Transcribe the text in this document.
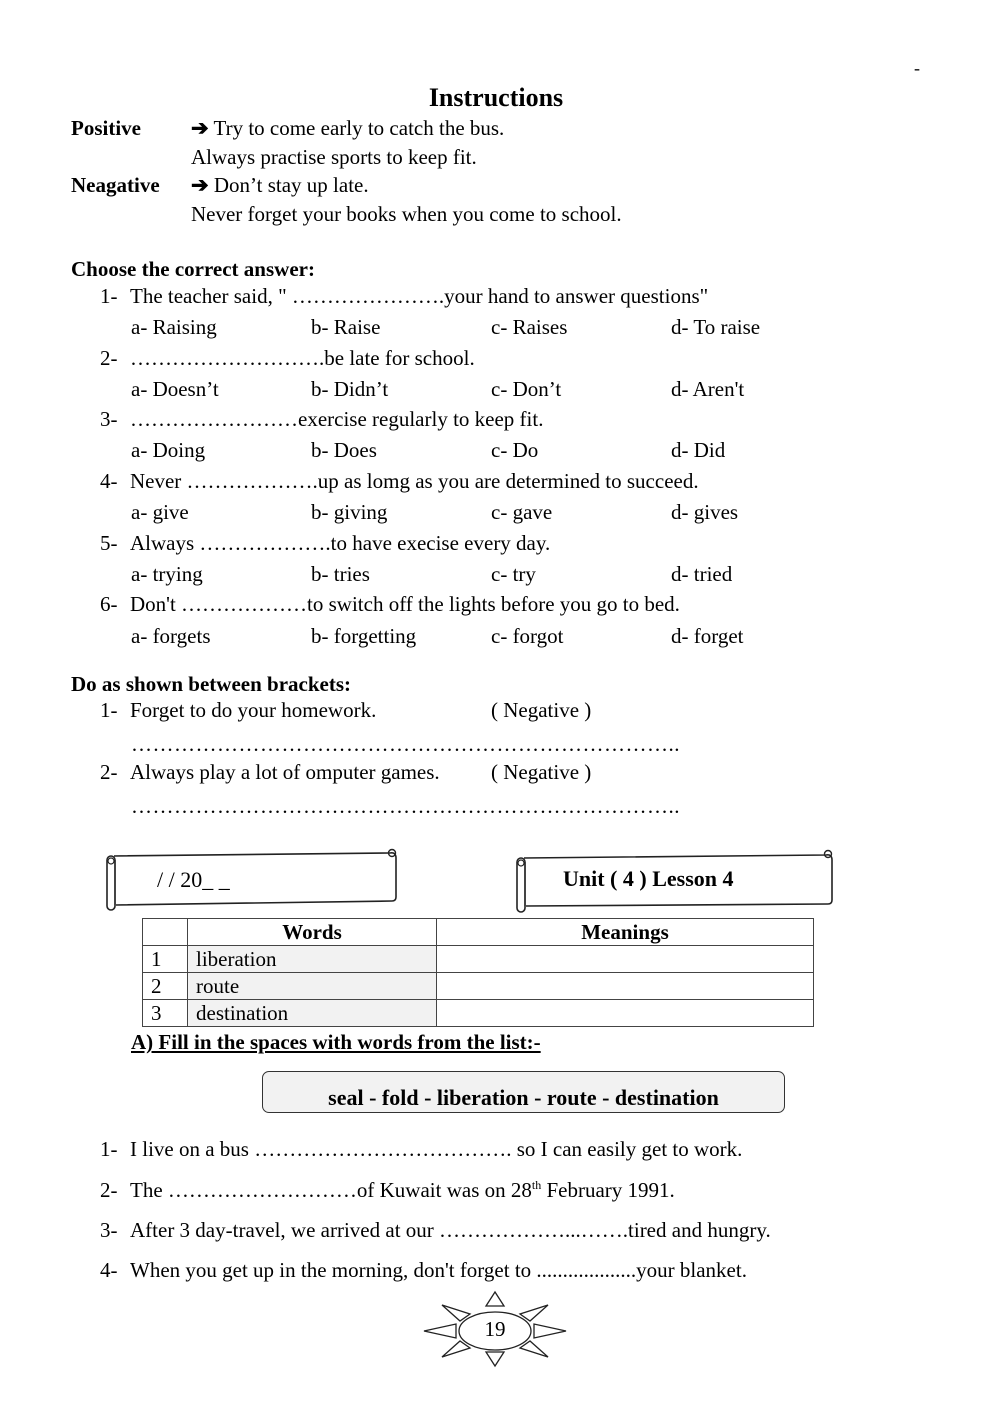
-
Instructions
Positive ➔ Try to come early to catch the bus.
Always practise sports to keep fit.
Neagative ➔ Don’t stay up late.
Never forget your books when you come to school.
Choose the correct answer:
1- The teacher said, " ………………….your hand to answer questions"
a- Raising	b- Raise	c- Raises	d- To raise
2- ……………………….be late for school.
a- Doesn’t	b- Didn’t	c- Don’t	d- Aren't
3- ……………………exercise regularly to keep fit.
a- Doing	b- Does	c- Do	d- Did
4- Never ……………….up as lomg as you are determined to succeed.
a- give	b- giving	c- gave	d- gives
5- Always ……………….to have execise every day.
a- trying	b- tries	c- try	d- tried
6- Don't ………………to switch off the lights before you go to bed.
a- forgets	b- forgetting	c- forgot	d- forget
Do as shown between brackets:
1- Forget to do your homework.	( Negative )
…………………………………………………………………..
2- Always play a lot of omputer games. ( Negative )
…………………………………………………………………..
/ / 20_ _	Unit ( 4 ) Lesson 4
	Words	Meanings
1	liberation	
2	route	
3	destination	
A) Fill in the spaces with words from the list:-
seal - fold - liberation - route - destination
1- I live on a bus ………………………………. so I can easily get to work.
2- The ………………………of Kuwait was on 28th February 1991.
3- After 3 day-travel, we arrived at our ………………...…….tired and hungry.
4- When you get up in the morning, don't forget to ...................your blanket.
19
